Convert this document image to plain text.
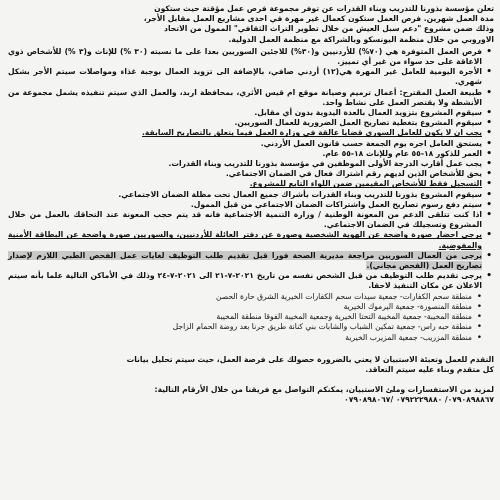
تعلن مؤسسة بذورنا للتدريب وبناء القدرات عن توفر مجموعة فرص عمل مؤقتة حيث ستكون

مدة العمل شهرين. فرص العمل ستكون كعمال غير مهرة في احدى مشاريع العمل مقابل الأجر،

وذلك ضمن مشروع "دعم سبل العيش من خلال تطوير التراث الثقافي" الممول من الاتحاد

الاوروبي من خلال منظمة اليونسكو وبالشراكة مع منظمة العمل الدولية.

• فرص العمل المتوفرة هي (٧٠%) للأردنيين و(٣٠%) للاجئين السوريين بعدا على ما نسبته (٣٠ %) للإناث و(٣ %) للأشخاص ذوي الاعاقة على حد سواء من غير أي تمييز.
• الأجرة اليومية للعامل غير المهرة هي(١٢) أردني صافي، بالإضافة الى تزويد العمال بوجبة غذاء ومواصلات سيتم الأجر بشكل شهري.
• طبيعة العمل المقترح: أعمال ترميم وصيانة موقع ام قيس الأثري، بمحافظة اربد، والعمل الذي سيتم تنفيذه يشمل مجموعة من الأنشطة ولا يقتصر العمل على نشاط واحد.
• سيقوم المشروع بتزويد العمال بالعدة اليدوية بدون أي مقابل.
• سيقوم المشروع بتغطية تصاريح العمل الضرورية للعمال السوريين.
• يجب ان لا يكون للعامل السوري قضايا عالقة في وزارة العمل فيما يتعلق بالتصاريح السابقة.
• يستحق العامل اجره يوم الجمعة حسب قانون العمل الأردني.
• العمر للذكور ١٨-٥٥ عام وللإناث ١٨-٥٥ عام.
• يجب عمل أقارب الدرجة الأولى الموظفين في مؤسسة بذورنا للتدريب وبناء القدرات.
• يحق للأشخاص الذين لديهم رقم اشتراك فعال في الضمان الاجتماعي.
• التسجيل فقط للأشخاص المقيمين ضمن اللواء التابع للمشروع.
• سيقوم المشروع بذورنا للتدريب وبناء القدرات بأشراك جميع العمال تحت مظلة الضمان الاجتماعي.
• سيتم دفع رسوم تصاريح العمل واشتراكات الضمان الاجتماعي من قبل الممول.
• اذا كنت تتلقى الدعم من المعونة الوطنية / وزارة التنمية الاجتماعية فانه قد يتم حجب المعونة عند التحاقك بالعمل من خلال المشروع وتسجيلك في الضمان الاجتماعي.
• يرجى احضار صورة واضحة عن الهوية الشخصية وصورة عن دفتر العائلة للأردنيين، والسوريين صورة واضحة عن البطاقة الأمنية والمفوضية.
• يرجى من العمال السوريين مراجعة مديرية الصحة فورا قبل تقديم طلب التوظيف لغايات عمل الفحص الطبي اللازم لإصدار تصاريح العمل (الفحص مجاني).
• يرجى تقديم طلب التوظيف من قبل الشخص نفسه من تاريخ ٢٠٢١-٧-٢١ الى ٢٠٢١-٧-٢٤ وذلك في الأماكن التالية علما بأنه سيتم الاعلان عن مكان التنفيذ لاحقا.
• منطقة سحم الكفارات- جمعية سيدات سحم الكفارات الخيرية الشرق حارة الحصن
• منطقة المنصورة- جمعية اليرموك الخيرية
• منطقة المخيبة- جمعية المخيبة التحتا الخيرية وجمعية المخيبة الفوقا منطقة المخيبة
• منطقة حبه راس- جمعية تمكين الشباب والشابات بني كنانة طريق جرنا بعد روضة الحمام الزاجل
• منطقة المزريب- جمعية المزيرب الخيرية

التقدم للعمل وتعبئة الاستبيان لا يعني بالضرورة حصولك على فرصة العمل، حيث سيتم تحليل بيانات

كل متقدم وبناء عليه سيتم التعاقد.

لمزيد من الاستفسارات وملئ الاستبيان، يمكنكم التواصل مع فريقنا من خلال الأرقام التالية:

٠٧٩٠٨٩٨٨٦٧/ ٠٧٩٢٢٢٩٨٨٠ /٠٧٩٠٨٩٨٠٦٧
